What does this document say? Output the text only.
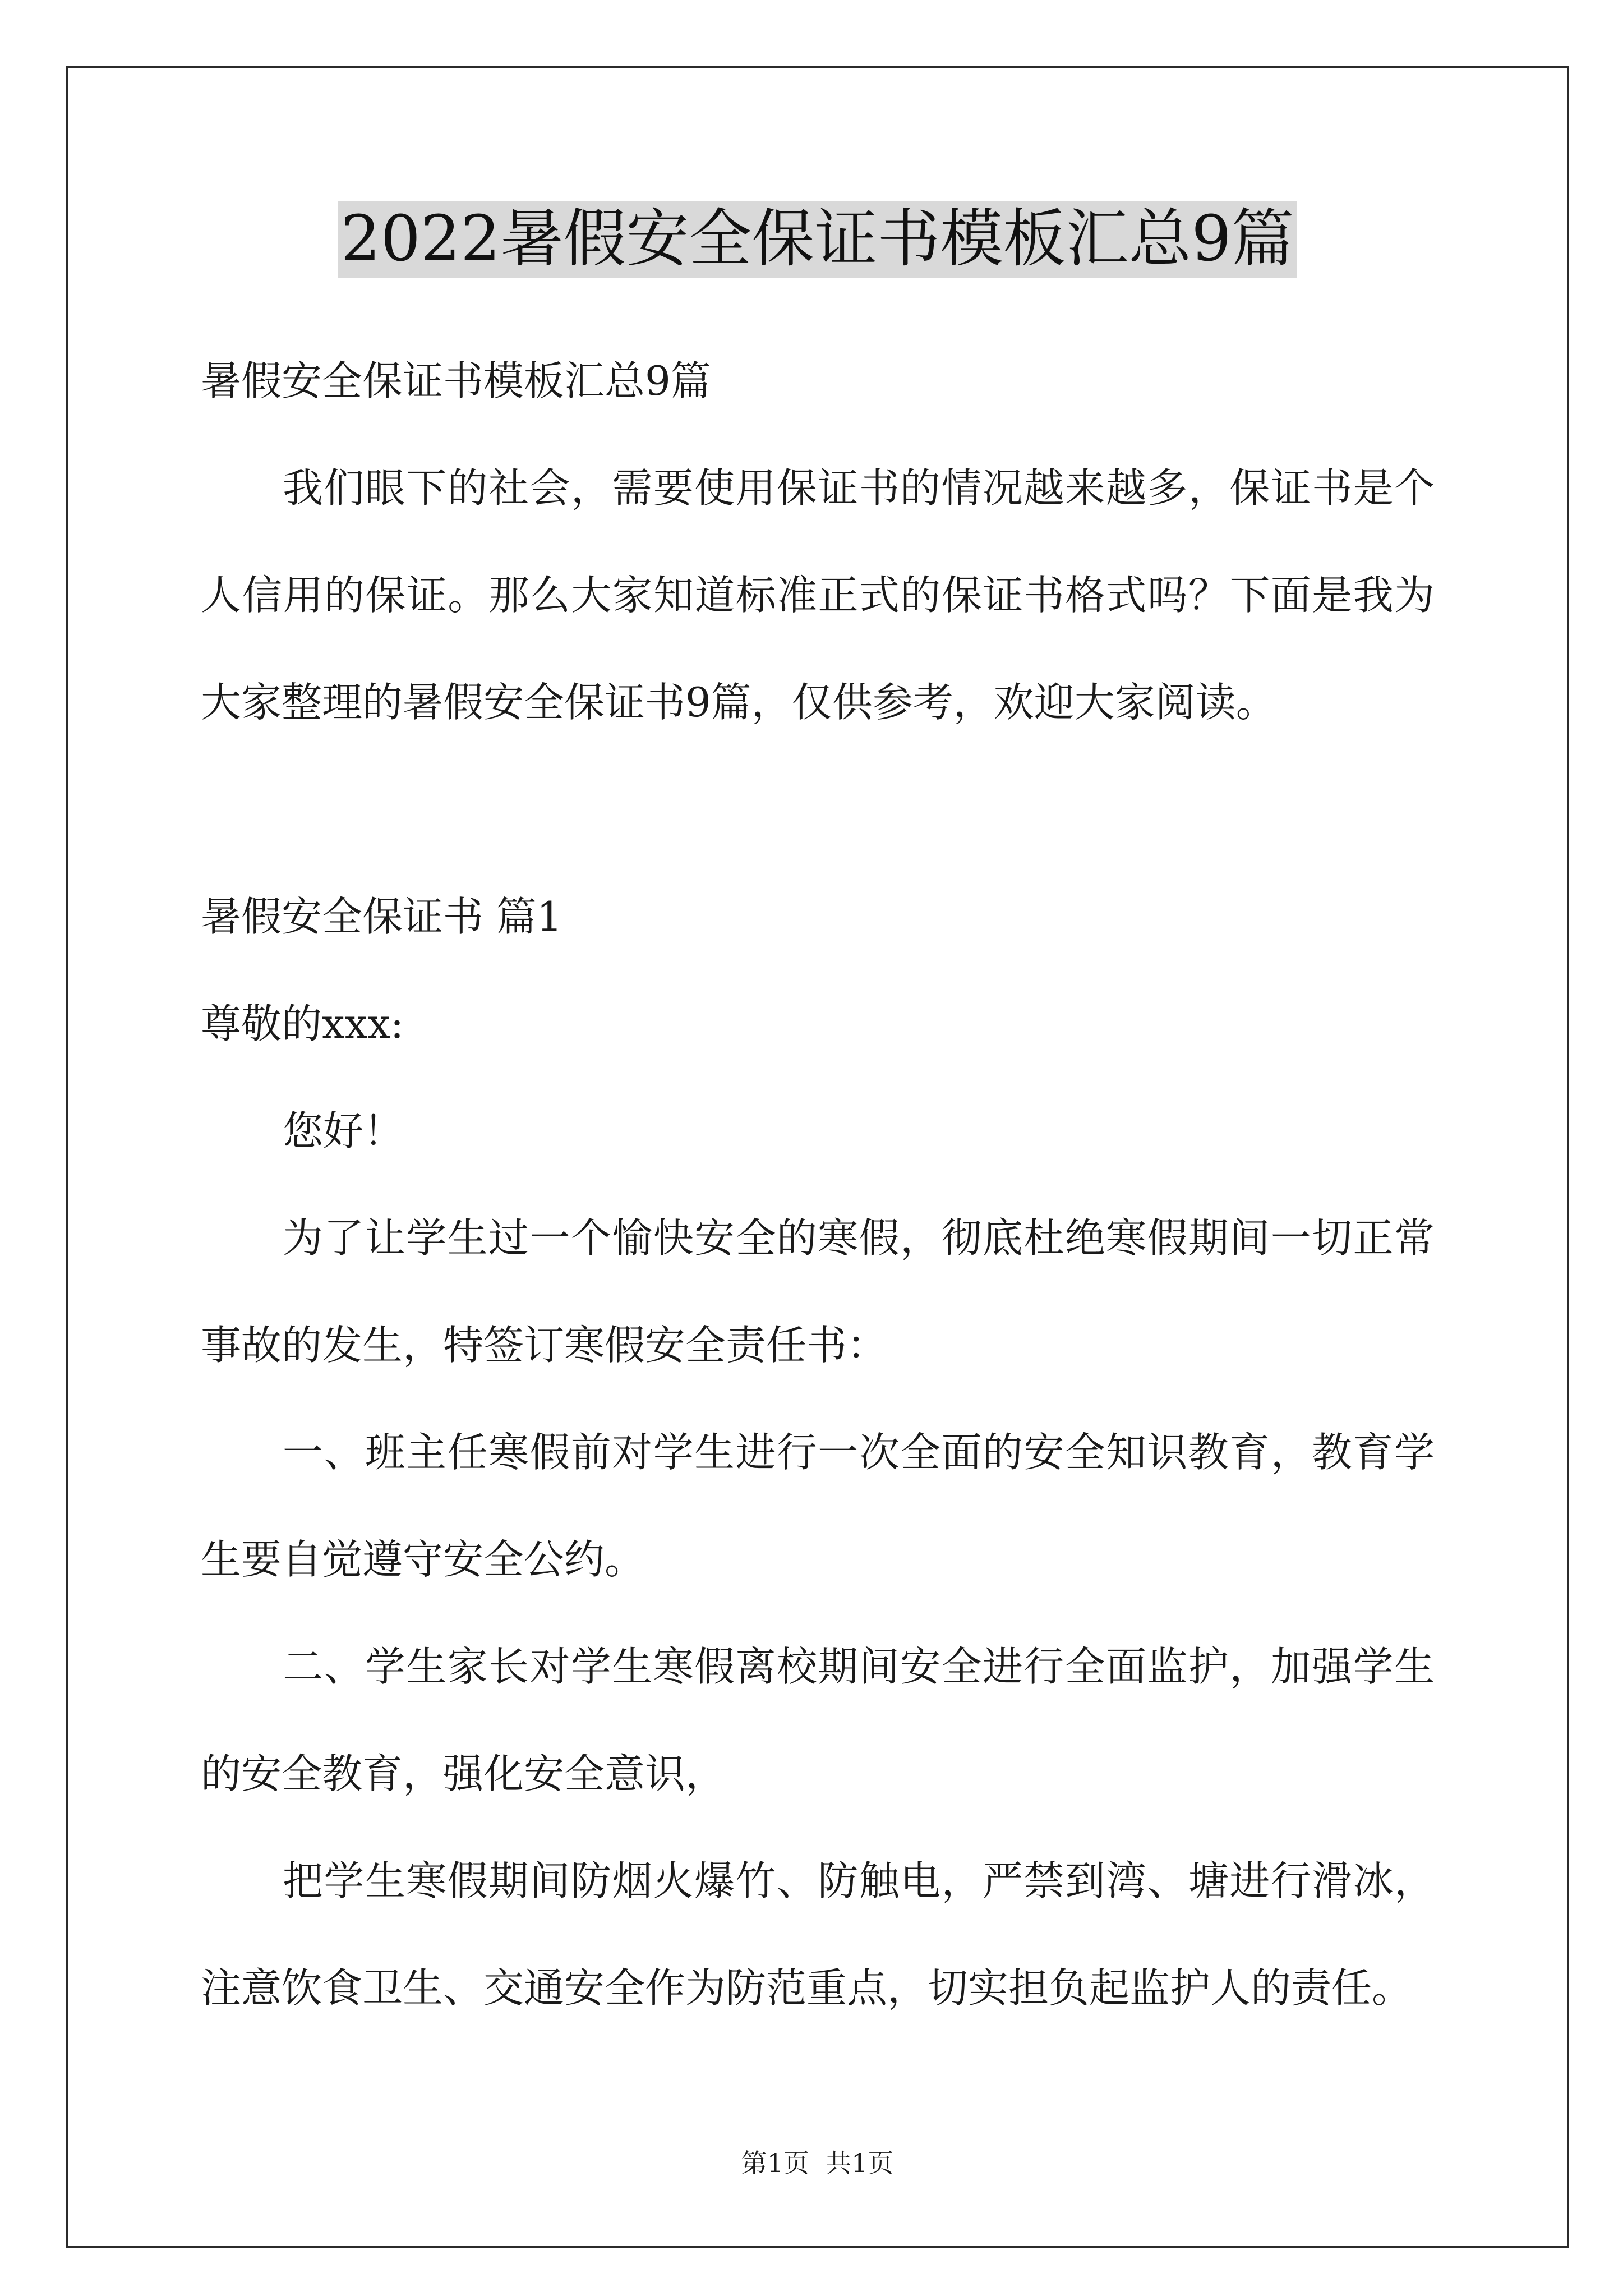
2022暑假安全保证书模板汇总9篇
暑假安全保证书模板汇总9篇
我们眼下的社会，需要使用保证书的情况越来越多，保证书是个
人信用的保证。那么大家知道标准正式的保证书格式吗？下面是我为
大家整理的暑假安全保证书9篇，仅供参考，欢迎大家阅读。
暑假安全保证书 篇1
尊敬的xxx:
您好！
为了让学生过一个愉快安全的寒假，彻底杜绝寒假期间一切正常
事故的发生，特签订寒假安全责任书：
一、班主任寒假前对学生进行一次全面的安全知识教育，教育学
生要自觉遵守安全公约。
二、学生家长对学生寒假离校期间安全进行全面监护，加强学生
的安全教育，强化安全意识，
把学生寒假期间防烟火爆竹、防触电，严禁到湾、塘进行滑冰，
注意饮食卫生、交通安全作为防范重点，切实担负起监护人的责任。
第1页  共1页
